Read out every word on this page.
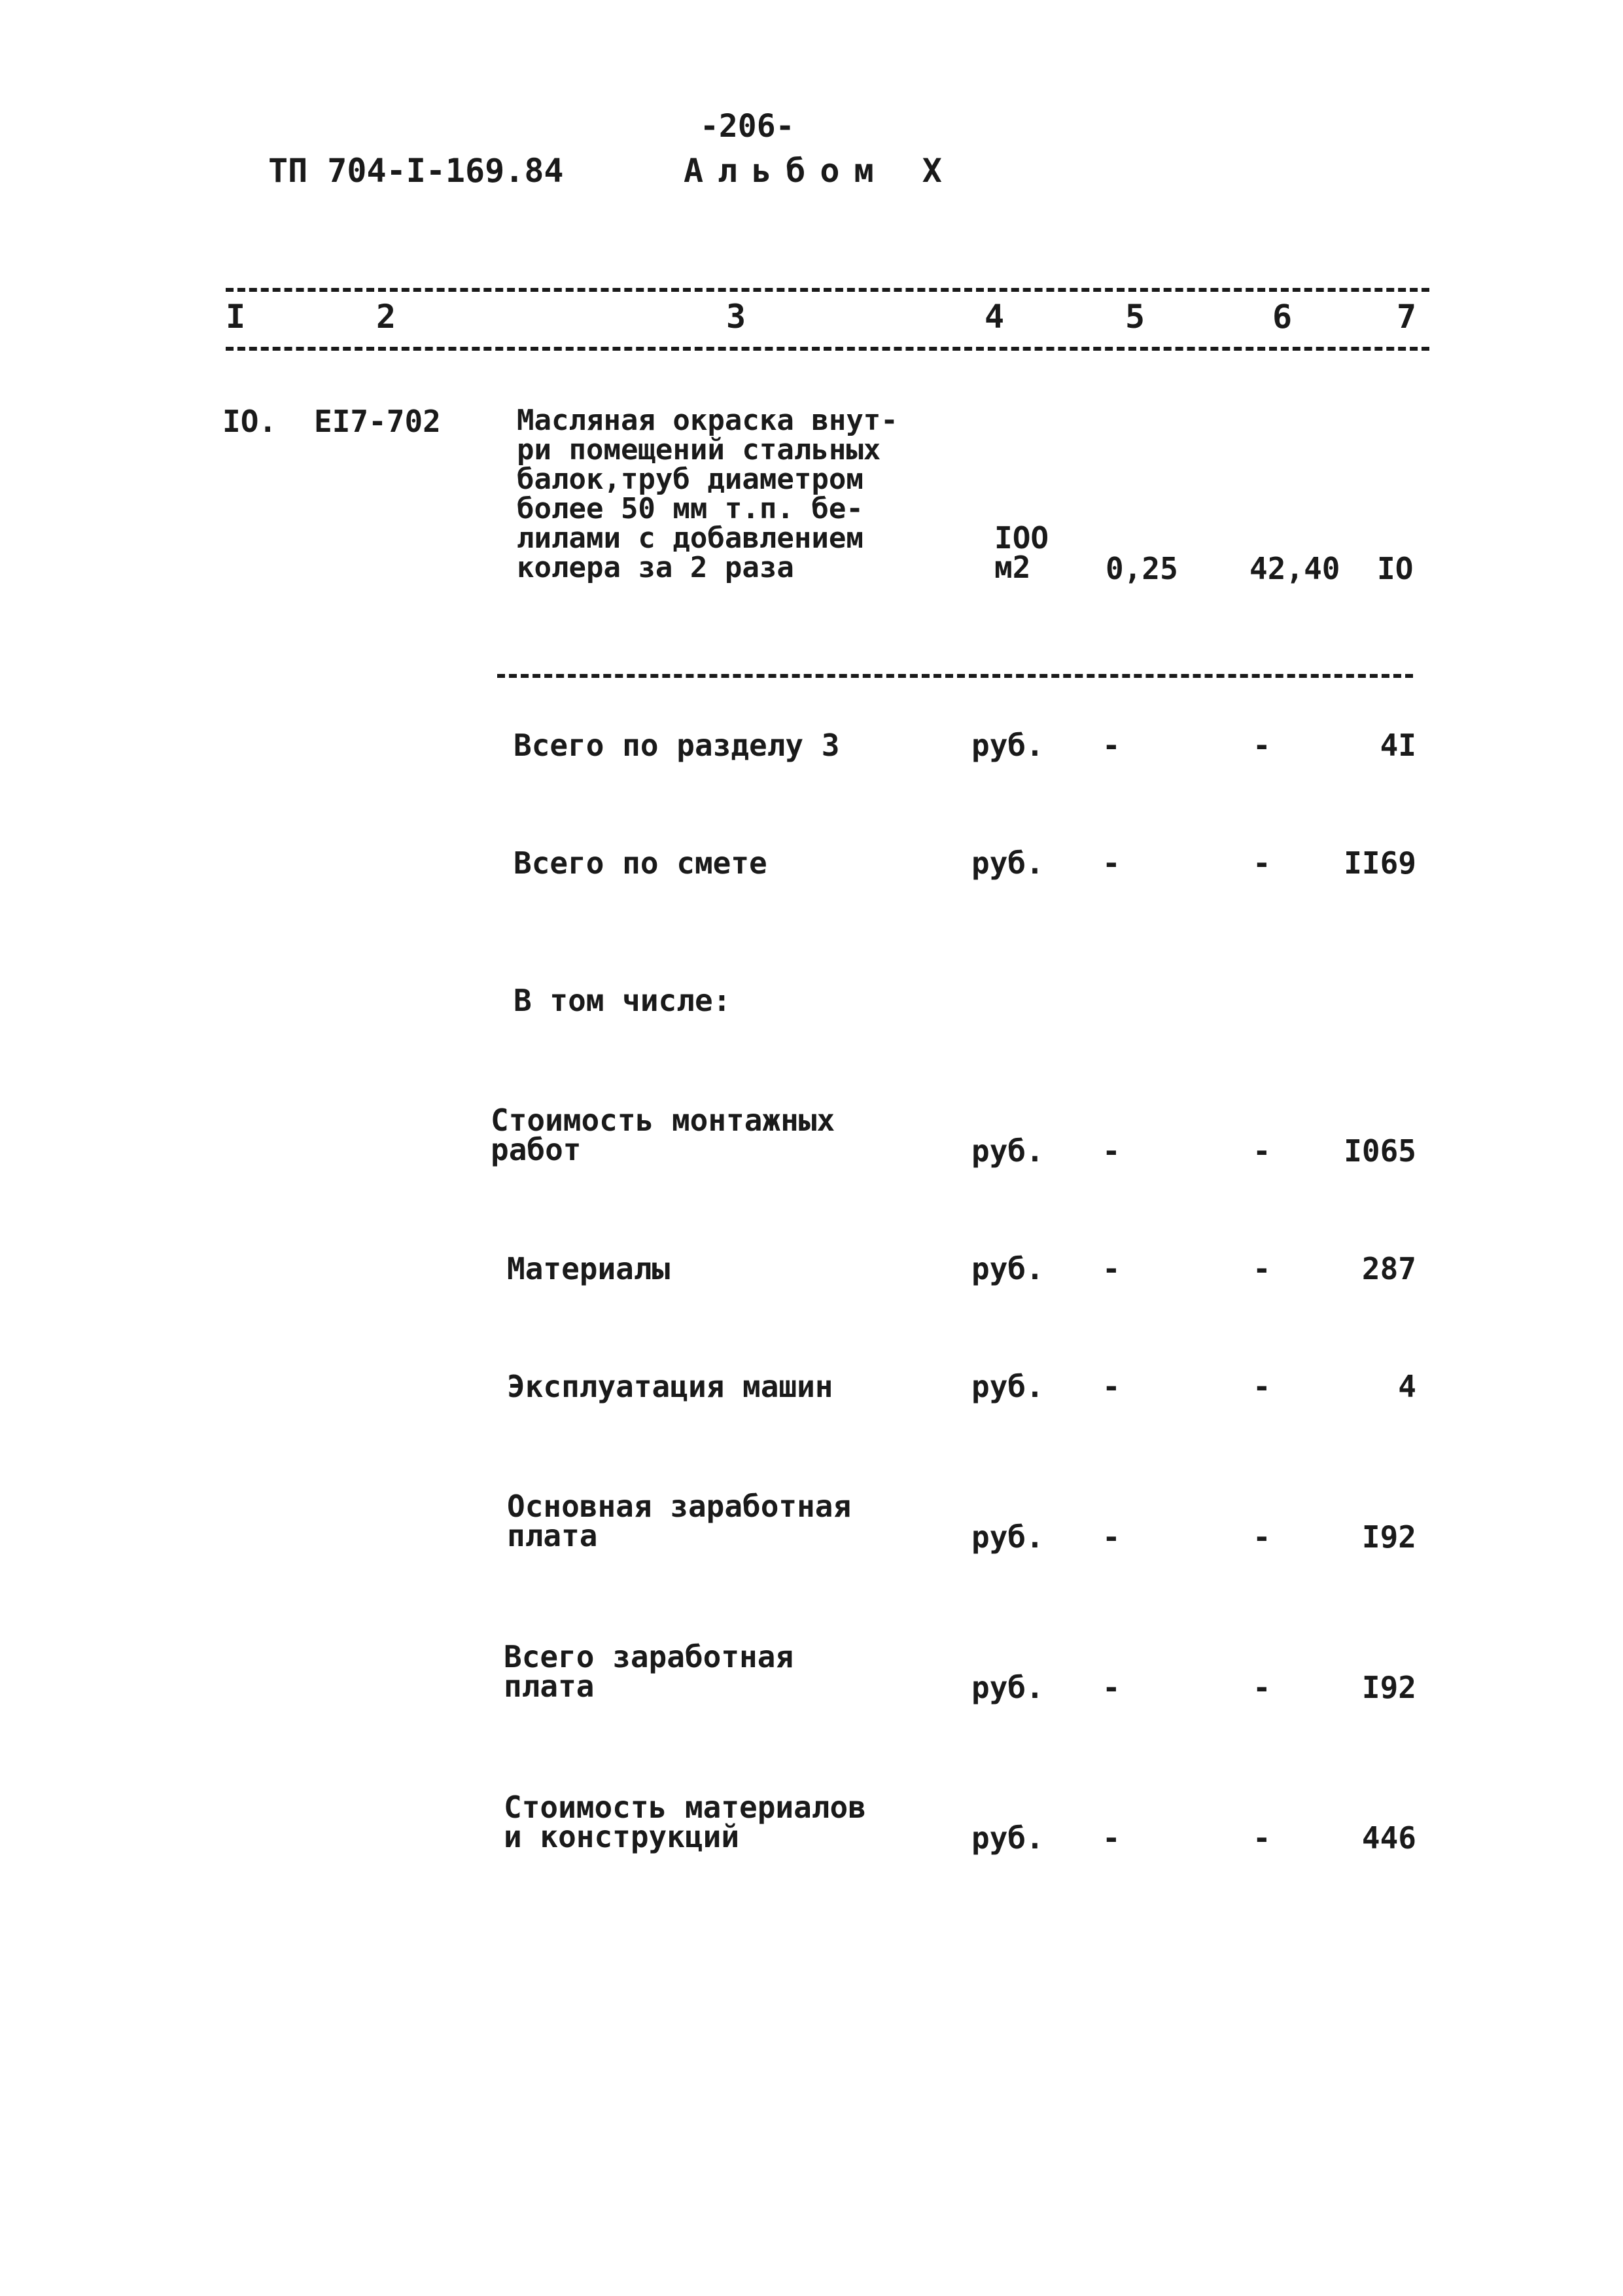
-206-
ТП 704-I-169.84	Альбом X
I	2	3	4	5	6	7
IO. ЕI7-702	Масляная окраска внут-
ри помещений стальных
балок,труб диаметром
более 50 мм т.п. бе-
лилами с добавлением
колера за 2 раза
IOO
м2	0,25 42,40 IO
Всего по разделу 3	руб. -	-	4I
Всего по смете	руб. -	- II69
В том числе:
Стоимость монтажных
работ	руб. -	- I065
Материалы	руб. -	-	287
Эксплуатация машин	руб. -	-	4
Основная заработная
плата	руб. -	-	I92
Всего заработная
плата	руб. -	-	I92
Стоимость материалов
и конструкций	руб. -	-	446
